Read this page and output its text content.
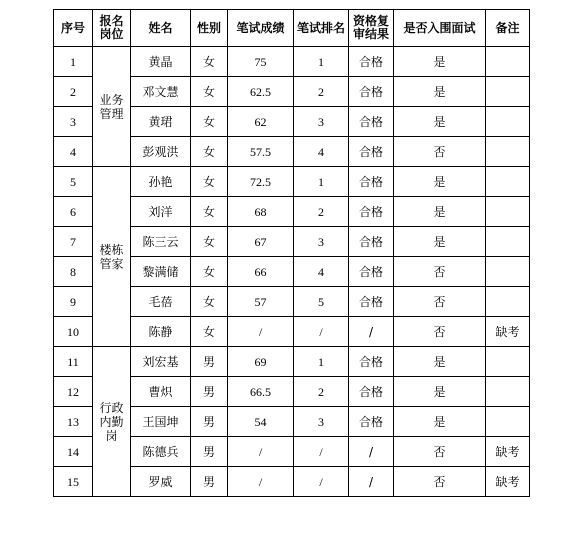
序号	报名岗位	姓名	性别	笔试成绩	笔试排名	资格复审结果	是否入围面试	备注
1	业务管理	黄晶	女	75	1	合格	是	
2		邓文慧	女	62.5	2	合格	是	
3		黄珺	女	62	3	合格	是	
4		彭观洪	女	57.5	4	合格	否	
5	楼栋管家	孙艳	女	72.5	1	合格	是	
6		刘洋	女	68	2	合格	是	
7		陈三云	女	67	3	合格	是	
8		黎满储	女	66	4	合格	否	
9		毛蓓	女	57	5	合格	否	
10		陈静	女	/	/	/	否	缺考
11	行政内勤岗	刘宏基	男	69	1	合格	是	
12		曹炽	男	66.5	2	合格	是	
13		王国坤	男	54	3	合格	是	
14		陈德兵	男	/	/	/	否	缺考
15		罗威	男	/	/	/	否	缺考
